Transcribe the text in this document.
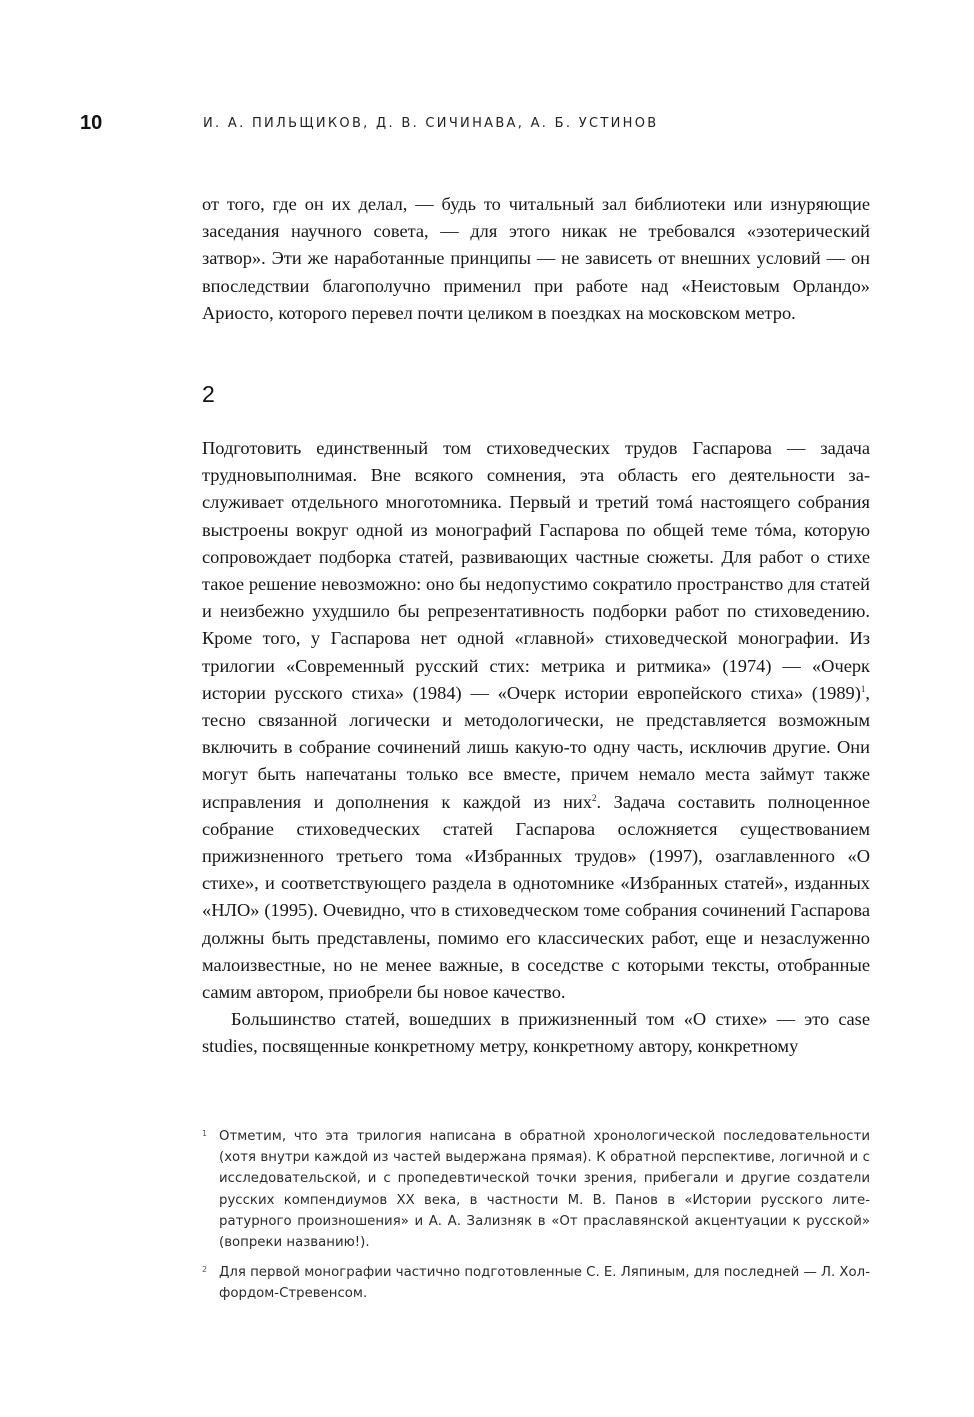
10	И. А. ПИЛЬЩИКОВ, Д. В. СИЧИНАВА, А. Б. УСТИНОВ

от того, где он их делал, — будь то читальный зал библиотеки или изнуряющие заседания научного совета, — для этого никак не требовался «эзотерический затвор». Эти же наработанные принципы — не зависеть от внешних условий — он впоследствии благополучно применил при работе над «Неистовым Орландо» Ариосто, которого перевел почти целиком в поездках на московском метро.

2

Подготовить единственный том стиховедческих трудов Гаспарова — задача трудновыполнимая. Вне всякого сомнения, эта область его деятельности заслуживает отдельного многотомника. Первый и третий томá настоящего собрания выстроены вокруг одной из монографий Гаспарова по общей теме тóма, которую сопровождает подборка статей, развивающих частные сюжеты. Для работ о стихе такое решение невозможно: оно бы недопустимо сократило пространство для статей и неизбежно ухудшило бы репрезентативность подборки работ по стиховедению. Кроме того, у Гаспарова нет одной «главной» стиховедческой монографии. Из трилогии «Современный русский стих: метрика и ритмика» (1974) — «Очерк истории русского стиха» (1984) — «Очерк истории европейского стиха» $(1989)^1$, тесно связанной логически и методологически, не представляется возможным включить в собрание сочинений лишь какую-то одну часть, исключив другие. Они могут быть напечатаны только все вместе, причем немало места займут также исправления и дополнения к каждой из них$^2$. Задача составить полноценное собрание стиховедческих статей Гаспарова осложняется существованием прижизненного третьего тома «Избранных трудов» (1997), озаглавленного «О стихе», и соответствующего раздела в однотомнике «Избранных статей», изданных «НЛО» (1995). Очевидно, что в стиховедческом томе собрания сочинений Гаспарова должны быть представлены, помимо его классических работ, еще и незаслуженно малоизвестные, но не менее важные, в соседстве с которыми тексты, отобранные самим автором, приобрели бы новое качество.

Большинство статей, вошедших в прижизненный том «О стихе» — это case studies, посвященные конкретному метру, конкретному автору, конкретному

1 Отметим, что эта трилогия написана в обратной хронологической последовательности (хотя внутри каждой из частей выдержана прямая). К обратной перспективе, логичной и с исследовательской, и с пропедевтической точки зрения, прибегали и другие создатели русских компендиумов XX века, в частности М. В. Панов в «Истории русского литературного произношения» и А. А. Зализняк в «От праславянской акцентуации к русской» (вопреки названию!).
2 Для первой монографии частично подготовленные С. Е. Ляпиным, для последней — Л. Холфордом-Стревенсом.
